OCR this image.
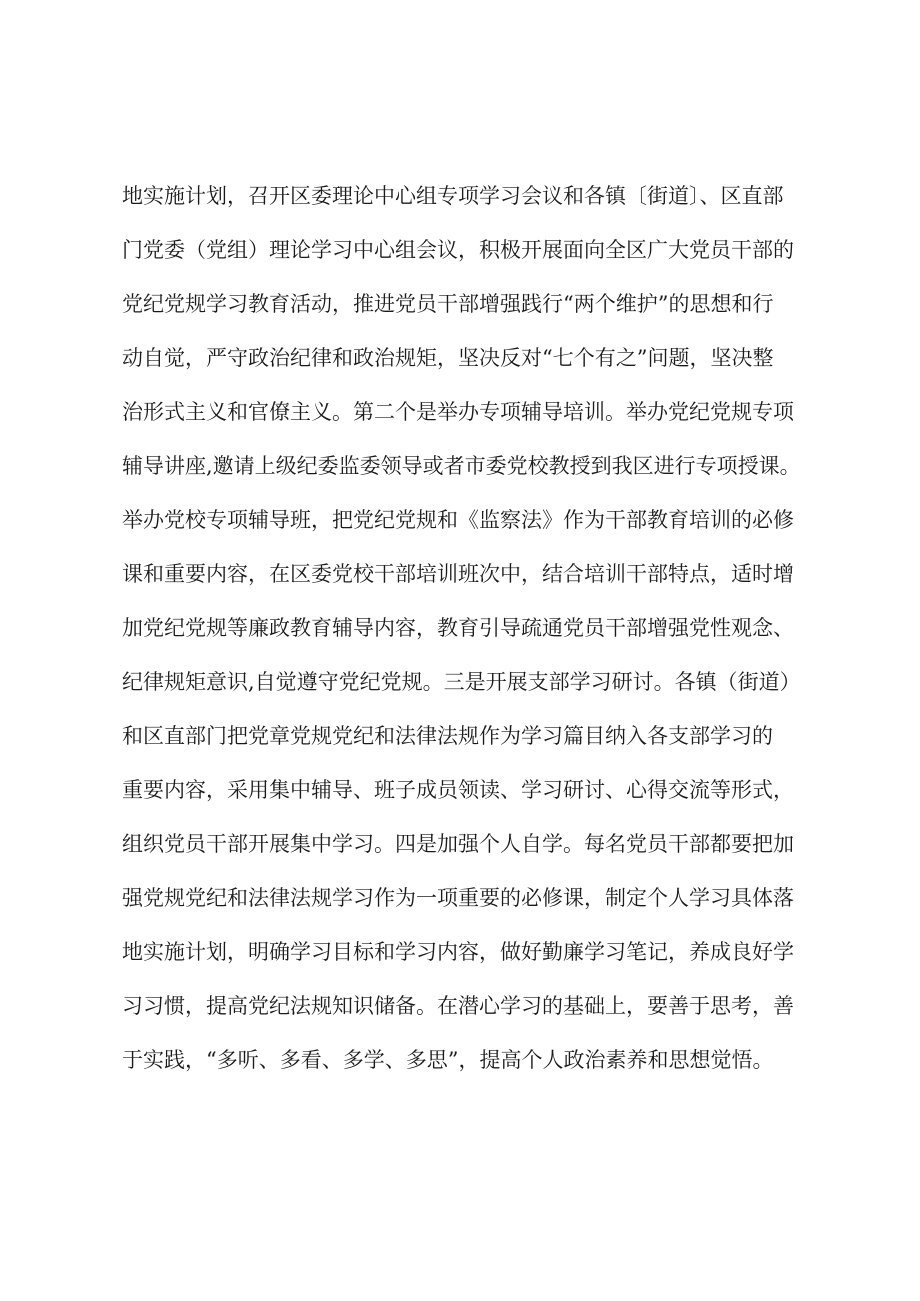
地实施计划，召开区委理论中心组专项学习会议和各镇〔街道〕、区直部
门党委（党组）理论学习中心组会议，积极开展面向全区广大党员干部的
党纪党规学习教育活动，推进党员干部增强践行“两个维护”的思想和行
动自觉，严守政治纪律和政治规矩，坚决反对“七个有之”问题，坚决整
治形式主义和官僚主义。第二个是举办专项辅导培训。举办党纪党规专项
辅导讲座,邀请上级纪委监委领导或者市委党校教授到我区进行专项授课。
举办党校专项辅导班，把党纪党规和《监察法》作为干部教育培训的必修
课和重要内容，在区委党校干部培训班次中，结合培训干部特点，适时增
加党纪党规等廉政教育辅导内容，教育引导疏通党员干部增强党性观念、
纪律规矩意识,自觉遵守党纪党规。三是开展支部学习研讨。各镇（街道）
和区直部门把党章党规党纪和法律法规作为学习篇目纳入各支部学习的
重要内容，采用集中辅导、班子成员领读、学习研讨、心得交流等形式，
组织党员干部开展集中学习。四是加强个人自学。每名党员干部都要把加
强党规党纪和法律法规学习作为一项重要的必修课，制定个人学习具体落
地实施计划，明确学习目标和学习内容，做好勤廉学习笔记，养成良好学
习习惯，提高党纪法规知识储备。在潜心学习的基础上，要善于思考，善
于实践，“多听、多看、多学、多思”，提高个人政治素养和思想觉悟。
